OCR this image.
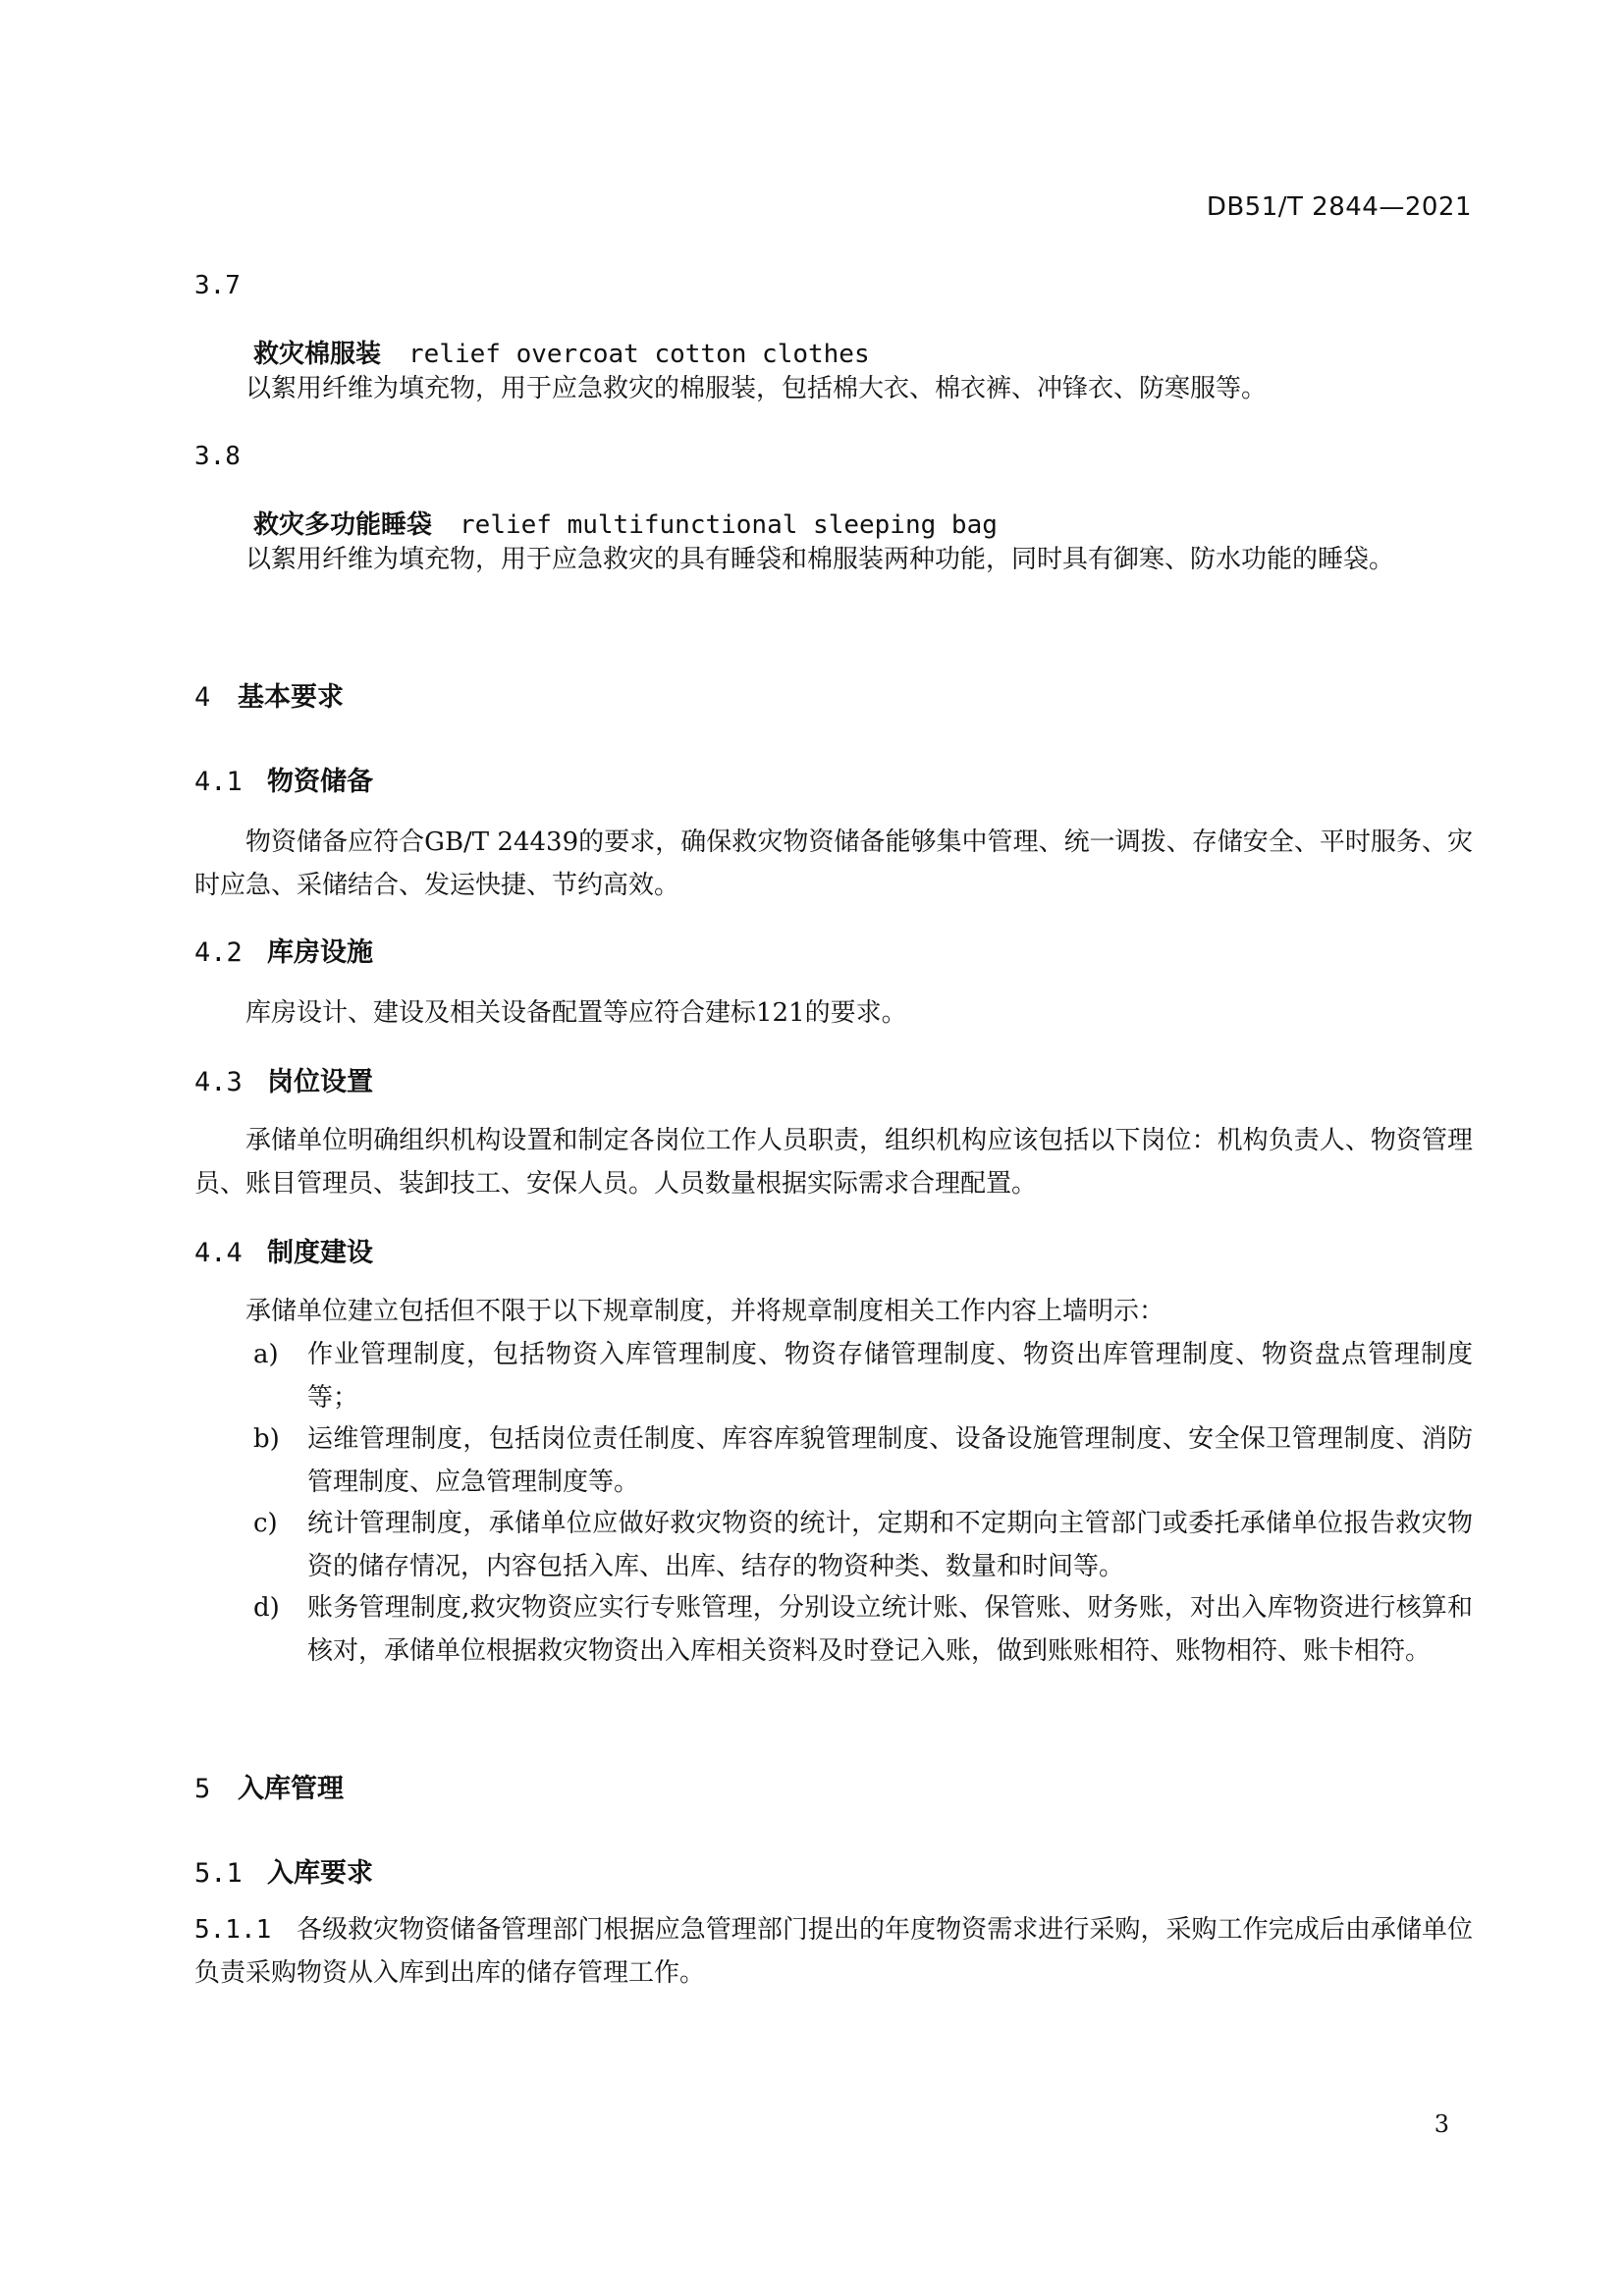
DB51/T 2844—2021
3.7
救灾棉服装 relief overcoat cotton clothes
以絮用纤维为填充物，用于应急救灾的棉服装，包括棉大衣、棉衣裤、冲锋衣、防寒服等。
3.8
救灾多功能睡袋 relief multifunctional sleeping bag
以絮用纤维为填充物，用于应急救灾的具有睡袋和棉服装两种功能，同时具有御寒、防水功能的睡袋。
4 基本要求
4.1 物资储备
物资储备应符合GB/T 24439的要求，确保救灾物资储备能够集中管理、统一调拨、存储安全、平时服务、灾时应急、采储结合、发运快捷、节约高效。
4.2 库房设施
库房设计、建设及相关设备配置等应符合建标121的要求。
4.3 岗位设置
承储单位明确组织机构设置和制定各岗位工作人员职责，组织机构应该包括以下岗位：机构负责人、物资管理员、账目管理员、装卸技工、安保人员。人员数量根据实际需求合理配置。
4.4 制度建设
承储单位建立包括但不限于以下规章制度，并将规章制度相关工作内容上墙明示：
a)	作业管理制度，包括物资入库管理制度、物资存储管理制度、物资出库管理制度、物资盘点管理制度等；
b)	运维管理制度，包括岗位责任制度、库容库貌管理制度、设备设施管理制度、安全保卫管理制度、消防管理制度、应急管理制度等。
c)	统计管理制度，承储单位应做好救灾物资的统计，定期和不定期向主管部门或委托承储单位报告救灾物资的储存情况，内容包括入库、出库、结存的物资种类、数量和时间等。
d)	账务管理制度,救灾物资应实行专账管理，分别设立统计账、保管账、财务账，对出入库物资进行核算和核对，承储单位根据救灾物资出入库相关资料及时登记入账，做到账账相符、账物相符、账卡相符。
5 入库管理
5.1 入库要求
5.1.1 各级救灾物资储备管理部门根据应急管理部门提出的年度物资需求进行采购，采购工作完成后由承储单位负责采购物资从入库到出库的储存管理工作。
3
